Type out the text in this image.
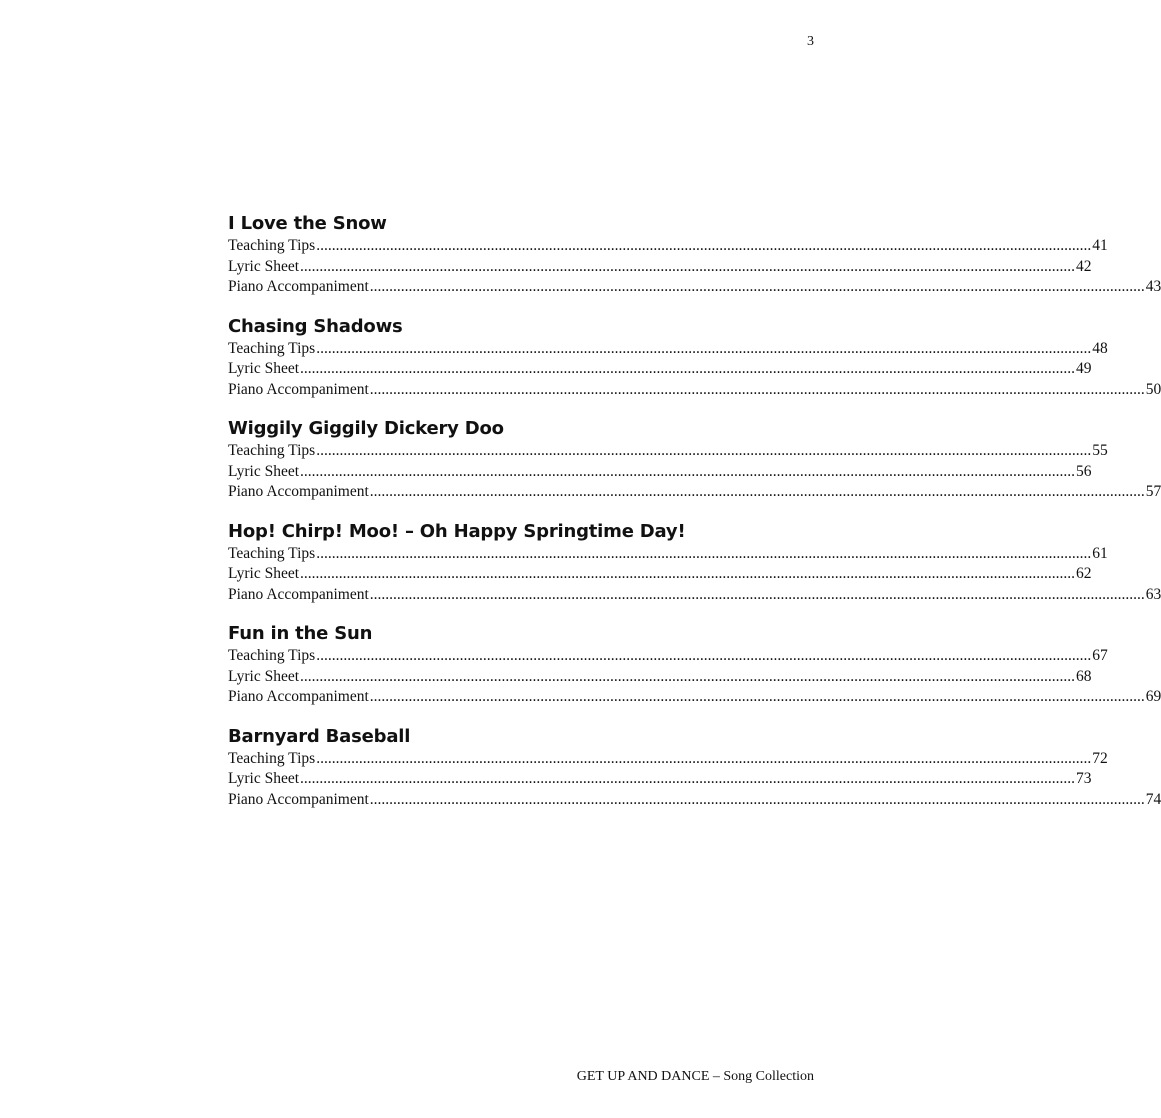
3
I Love the Snow
Teaching Tips ........................................................................................................................................................................................................ 41
Lyric Sheet ........................................................................................................................................................................................................ 42
Piano Accompaniment ........................................................................................................................................................................................................ 43
Chasing Shadows
Teaching Tips ........................................................................................................................................................................................................ 48
Lyric Sheet ........................................................................................................................................................................................................ 49
Piano Accompaniment ........................................................................................................................................................................................................ 50
Wiggily Giggily Dickery Doo
Teaching Tips ........................................................................................................................................................................................................ 55
Lyric Sheet ........................................................................................................................................................................................................ 56
Piano Accompaniment ........................................................................................................................................................................................................ 57
Hop! Chirp! Moo! – Oh Happy Springtime Day!
Teaching Tips ........................................................................................................................................................................................................ 61
Lyric Sheet ........................................................................................................................................................................................................ 62
Piano Accompaniment ........................................................................................................................................................................................................ 63
Fun in the Sun
Teaching Tips ........................................................................................................................................................................................................ 67
Lyric Sheet ........................................................................................................................................................................................................ 68
Piano Accompaniment ........................................................................................................................................................................................................ 69
Barnyard Baseball
Teaching Tips ........................................................................................................................................................................................................ 72
Lyric Sheet ........................................................................................................................................................................................................ 73
Piano Accompaniment ........................................................................................................................................................................................................ 74
GET UP AND DANCE – Song Collection
